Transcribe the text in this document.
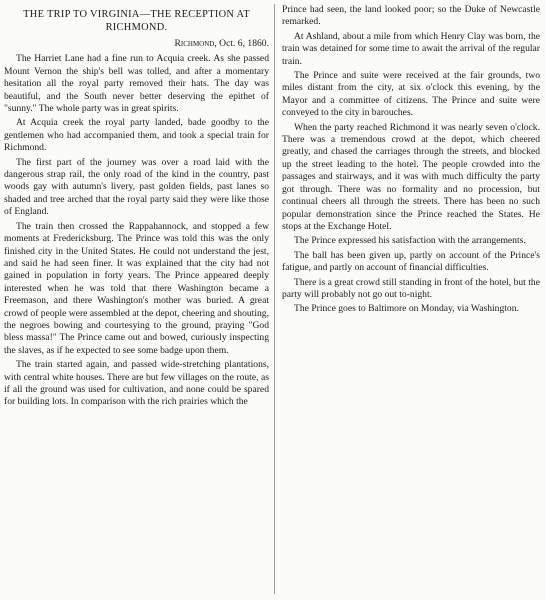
THE TRIP TO VIRGINIA—THE RECEPTION AT RICHMOND.
Richmond, Oct. 6, 1860.

The Harriet Lane had a fine run to Acquia creek. As she passed Mount Vernon the ship's bell was tolled, and after a momentary hesitation all the royal party removed their hats. The day was beautiful, and the South never better deserving the epithet of "sunny." The whole party was in great spirits.

At Acquia creek the royal party landed, bade goodby to the gentlemen who had accompanied them, and took a special train for Richmond.

The first part of the journey was over a road laid with the dangerous strap rail, the only road of the kind in the country, past woods gay with autumn's livery, past golden fields, past lanes so shaded and tree arched that the royal party said they were like those of England.

The train then crossed the Rappahannock, and stopped a few moments at Fredericksburg. The Prince was told this was the only finished city in the United States. He could not understand the jest, and said he had seen finer. It was explained that the city had not gained in population in forty years. The Prince appeared deeply interested when he was told that there Washington became a Freemason, and there Washington's mother was buried. A great crowd of people were assembled at the depot, cheering and shouting, the negroes bowing and courtesying to the ground, praying "God bless massa!" The Prince came out and bowed, curiously inspecting the slaves, as if he expected to see some badge upon them.

The train started again, and passed wide-stretching plantations, with central white houses. There are but few villages on the route, as if all the ground was used for cultivation, and none could be spared for building lots. In comparison with the rich prairies which the

Prince had seen, the land looked poor; so the Duke of Newcastle remarked.

At Ashland, about a mile from which Henry Clay was born, the train was detained for some time to await the arrival of the regular train.

The Prince and suite were received at the fair grounds, two miles distant from the city, at six o'clock this evening, by the Mayor and a committee of citizens. The Prince and suite were conveyed to the city in barouches.

When the party reached Richmond it was nearly seven o'clock. There was a tremendous crowd at the depot, which cheered greatly, and chased the carriages through the streets, and blocked up the street leading to the hotel. The people crowded into the passages and stairways, and it was with much difficulty the party got through. There was no formality and no procession, but continual cheers all through the streets. There has been no such popular demonstration since the Prince reached the States. He stops at the Exchange Hotel.

The Prince expressed his satisfaction with the arrangements.

The ball has been given up, partly on account of the Prince's fatigue, and partly on account of financial difficulties.

There is a great crowd still standing in front of the hotel, but the party will probably not go out to-night.

The Prince goes to Baltimore on Monday, via Washington.
